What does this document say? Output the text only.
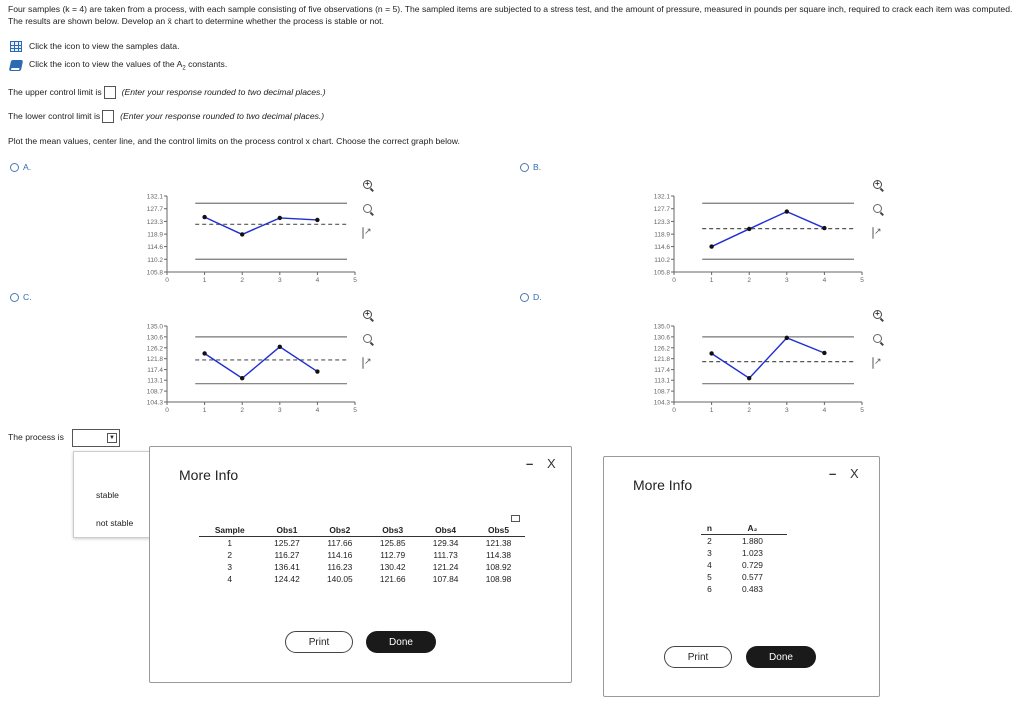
Four samples (k = 4) are taken from a process, with each sample consisting of five observations (n = 5). The sampled items are subjected to a stress test, and the amount of pressure, measured in pounds per square inch, required to crack each item was computed. The results are shown below. Develop an x̄ chart to determine whether the process is stable or not.
Click the icon to view the samples data.
Click the icon to view the values of the $A_2$ constants.
The upper control limit is (Enter your response rounded to two decimal places.)
The lower control limit is (Enter your response rounded to two decimal places.)
Plot the mean values, center line, and the control limits on the process control x chart. Choose the correct graph below.
A.	B.
C.	D.
105.8
110.2
114.6
118.9
123.3
127.7
132.1
0	1	2	3	4	5
105.8
110.2
114.6
118.9
123.3
127.7
132.1
0	1	2	3	4	5
104.3
108.7
113.1
117.4
121.8
126.2
130.6
135.0
0	1	2	3	4	5
104.3
108.7
113.1
117.4
121.8
126.2
130.6
135.0
0	1	2	3	4	5
+
↗
+
↗
+
↗
+
↗
The process is	▼
stable
not stable
More Info
– X
Sample	Obs1	Obs2	Obs3	Obs4	Obs5
1	125.27	117.66	125.85	129.34	121.38
2	116.27	114.16	112.79	111.73	114.38
3	136.41	116.23	130.42	121.24	108.92
4	124.42	140.05	121.66	107.84	108.98
Print	Done
More Info
– X
n	A₂
2	1.880
3	1.023
4	0.729
5	0.577
6	0.483
Print	Done
